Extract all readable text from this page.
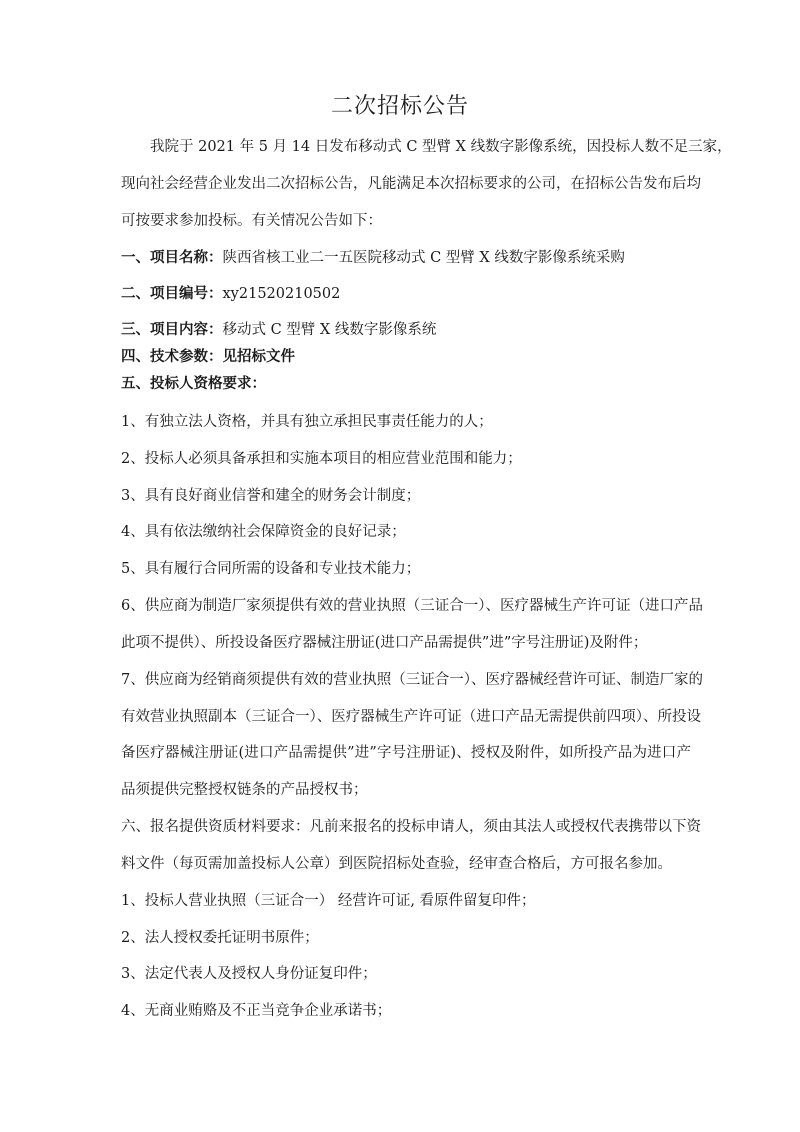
二次招标公告
我院于 2021 年 5 月 14 日发布移动式 C 型臂 X 线数字影像系统，因投标人数不足三家，
现向社会经营企业发出二次招标公告，凡能满足本次招标要求的公司，在招标公告发布后均
可按要求参加投标。有关情况公告如下：
一、项目名称：陕西省核工业二一五医院移动式 C 型臂 X 线数字影像系统采购
二、项目编号：xy21520210502
三、项目内容：移动式 C 型臂 X 线数字影像系统
四、技术参数：见招标文件
五、投标人资格要求：
1、有独立法人资格，并具有独立承担民事责任能力的人；
2、投标人必须具备承担和实施本项目的相应营业范围和能力；
3、具有良好商业信誉和建全的财务会计制度；
4、具有依法缴纳社会保障资金的良好记录；
5、具有履行合同所需的设备和专业技术能力；
6、供应商为制造厂家须提供有效的营业执照（三证合一）、医疗器械生产许可证（进口产品
此项不提供）、所投设备医疗器械注册证(进口产品需提供”进”字号注册证)及附件；
7、供应商为经销商须提供有效的营业执照（三证合一）、医疗器械经营许可证、制造厂家的
有效营业执照副本（三证合一）、医疗器械生产许可证（进口产品无需提供前四项）、所投设
备医疗器械注册证(进口产品需提供”进”字号注册证)、授权及附件，如所投产品为进口产
品须提供完整授权链条的产品授权书；
六、报名提供资质材料要求：凡前来报名的投标申请人，须由其法人或授权代表携带以下资
料文件（每页需加盖投标人公章）到医院招标处查验，经审查合格后，方可报名参加。
1、投标人营业执照（三证合一） 经营许可证, 看原件留复印件；
2、法人授权委托证明书原件；
3、法定代表人及授权人身份证复印件；
4、无商业贿赂及不正当竞争企业承诺书；
